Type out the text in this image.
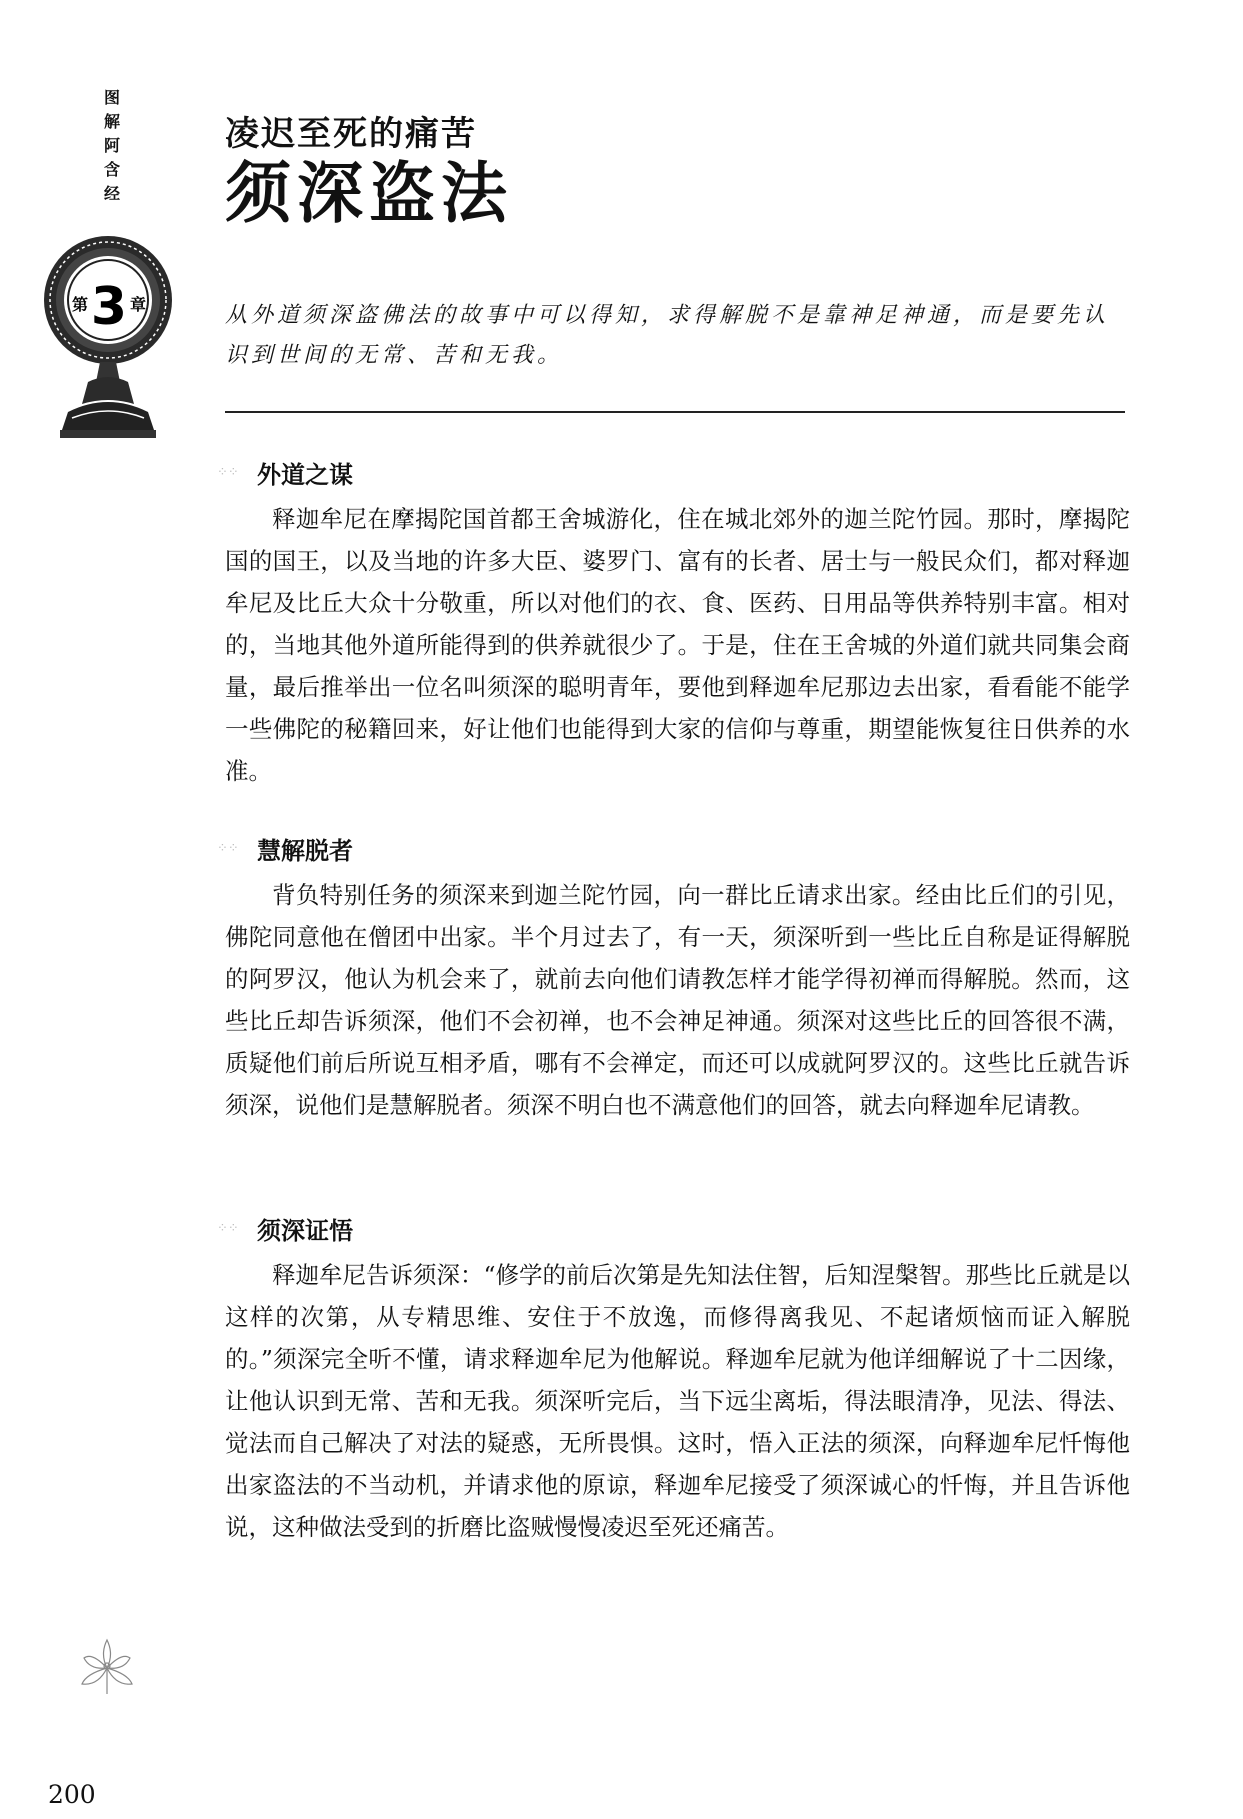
图
解
阿
含
经
第 3 章
凌迟至死的痛苦
须深盗法
从外道须深盗佛法的故事中可以得知，求得解脱不是靠神足神通，而是要先认识到世间的无常、苦和无我。
⁘⁘ 外道之谋

释迦牟尼在摩揭陀国首都王舍城游化，住在城北郊外的迦兰陀竹园。那时，摩揭陀国的国王，以及当地的许多大臣、婆罗门、富有的长者、居士与一般民众们，都对释迦牟尼及比丘大众十分敬重，所以对他们的衣、食、医药、日用品等供养特别丰富。相对的，当地其他外道所能得到的供养就很少了。于是，住在王舍城的外道们就共同集会商量，最后推举出一位名叫须深的聪明青年，要他到释迦牟尼那边去出家，看看能不能学一些佛陀的秘籍回来，好让他们也能得到大家的信仰与尊重，期望能恢复往日供养的水准。

⁘⁘ 慧解脱者

背负特别任务的须深来到迦兰陀竹园，向一群比丘请求出家。经由比丘们的引见，佛陀同意他在僧团中出家。半个月过去了，有一天，须深听到一些比丘自称是证得解脱的阿罗汉，他认为机会来了，就前去向他们请教怎样才能学得初禅而得解脱。然而，这些比丘却告诉须深，他们不会初禅，也不会神足神通。须深对这些比丘的回答很不满，质疑他们前后所说互相矛盾，哪有不会禅定，而还可以成就阿罗汉的。这些比丘就告诉须深，说他们是慧解脱者。须深不明白也不满意他们的回答，就去向释迦牟尼请教。

⁘⁘ 须深证悟

释迦牟尼告诉须深：“修学的前后次第是先知法住智，后知涅槃智。那些比丘就是以这样的次第，从专精思维、安住于不放逸，而修得离我见、不起诸烦恼而证入解脱的。”须深完全听不懂，请求释迦牟尼为他解说。释迦牟尼就为他详细解说了十二因缘，让他认识到无常、苦和无我。须深听完后，当下远尘离垢，得法眼清净，见法、得法、觉法而自己解决了对法的疑惑，无所畏惧。这时，悟入正法的须深，向释迦牟尼忏悔他出家盗法的不当动机，并请求他的原谅，释迦牟尼接受了须深诚心的忏悔，并且告诉他说，这种做法受到的折磨比盗贼慢慢凌迟至死还痛苦。

200
